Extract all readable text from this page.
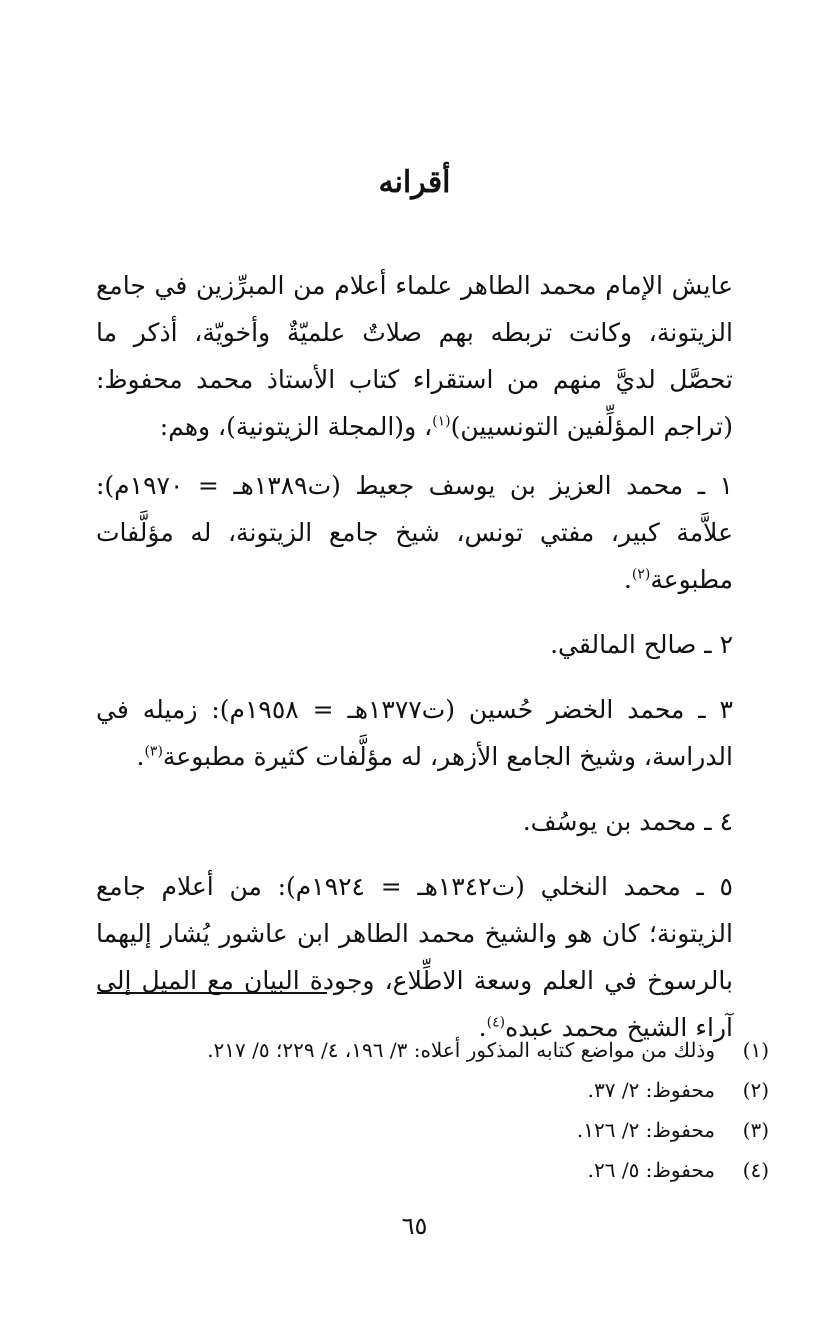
أقرانه

عايش الإمام محمد الطاهر علماء أعلام من المبرِّزين في جامع الزيتونة، وكانت تربطه بهم صلاتٌ علميّةٌ وأخويّة، أذكر ما تحصَّل لديَّ منهم من استقراء كتاب الأستاذ محمد محفوظ: (تراجم المؤلِّفين التونسيين)$^{(١)}$، و(المجلة الزيتونية)، وهم:

١ ـ محمد العزيز بن يوسف جعيط (ت١٣٨٩هـ = ١٩٧٠م): علاَّمة كبير، مفتي تونس، شيخ جامع الزيتونة، له مؤلَّفات مطبوعة$^{(٢)}$.

٢ ـ صالح المالقي.

٣ ـ محمد الخضر حُسين (ت١٣٧٧هـ = ١٩٥٨م): زميله في الدراسة، وشيخ الجامع الأزهر، له مؤلَّفات كثيرة مطبوعة$^{(٣)}$.

٤ ـ محمد بن يوسُف.

٥ ـ محمد النخلي (ت١٣٤٢هـ = ١٩٢٤م): من أعلام جامع الزيتونة؛ كان هو والشيخ محمد الطاهر ابن عاشور يُشار إليهما بالرسوخ في العلم وسعة الاطِّلاع، وجودة البيان مع الميل إلى آراء الشيخ محمد عبده$^{(٤)}$.

(١)
وذلك من مواضع كتابه المذكور أعلاه: ٣/ ١٩٦، ٤/ ٢٢٩؛ ٥/ ٢١٧.
(٢)
محفوظ: ٢/ ٣٧.
(٣)
محفوظ: ٢/ ١٢٦.
(٤)
محفوظ: ٥/ ٢٦.
٦٥
